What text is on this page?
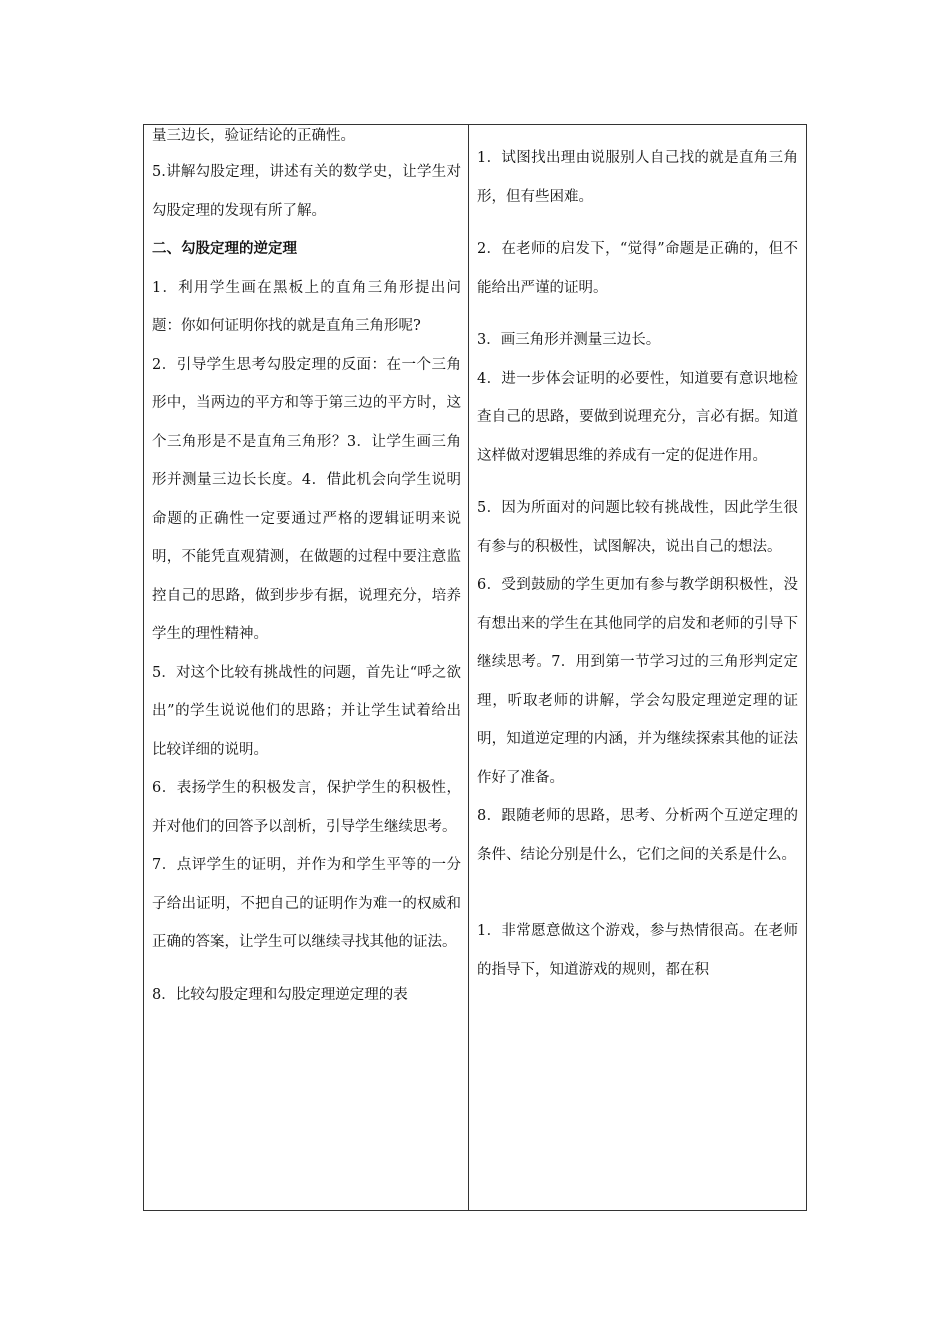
量三边长，验证结论的正确性。

5.讲解勾股定理，讲述有关的数学史，让学生对勾股定理的发现有所了解。

二、勾股定理的逆定理

1．利用学生画在黑板上的直角三角形提出问题：你如何证明你找的就是直角三角形呢?

2．引导学生思考勾股定理的反面：在一个三角形中，当两边的平方和等于第三边的平方时，这个三角形是不是直角三角形？3．让学生画三角形并测量三边长长度。4．借此机会向学生说明命题的正确性一定要通过严格的逻辑证明来说明，不能凭直观猜测，在做题的过程中要注意监控自己的思路，做到步步有据，说理充分，培养学生的理性精神。

5．对这个比较有挑战性的问题，首先让“呼之欲出”的学生说说他们的思路；并让学生试着给出比较详细的说明。

6．表扬学生的积极发言，保护学生的积极性，并对他们的回答予以剖析，引导学生继续思考。

7．点评学生的证明，并作为和学生平等的一分子给出证明，不把自己的证明作为难一的权威和正确的答案，让学生可以继续寻找其他的证法。

8．比较勾股定理和勾股定理逆定理的表

1．试图找出理由说服别人自己找的就是直角三角形，但有些困难。

2．在老师的启发下，“觉得”命题是正确的，但不能给出严谨的证明。

3．画三角形并测量三边长。

4．进一步体会证明的必要性，知道要有意识地检查自己的思路，要做到说理充分，言必有据。知道这样做对逻辑思维的养成有一定的促进作用。

5．因为所面对的问题比较有挑战性，因此学生很有参与的积极性，试图解决，说出自己的想法。

6．受到鼓励的学生更加有参与教学朗积极性，没有想出来的学生在其他同学的启发和老师的引导下继续思考。7．用到第一节学习过的三角形判定定理，听取老师的讲解，学会勾股定理逆定理的证明，知道逆定理的内涵，并为继续探索其他的证法作好了准备。

8．跟随老师的思路，思考、分析两个互逆定理的条件、结论分别是什么，它们之间的关系是什么。

1．非常愿意做这个游戏，参与热情很高。在老师的指导下，知道游戏的规则，都在积
